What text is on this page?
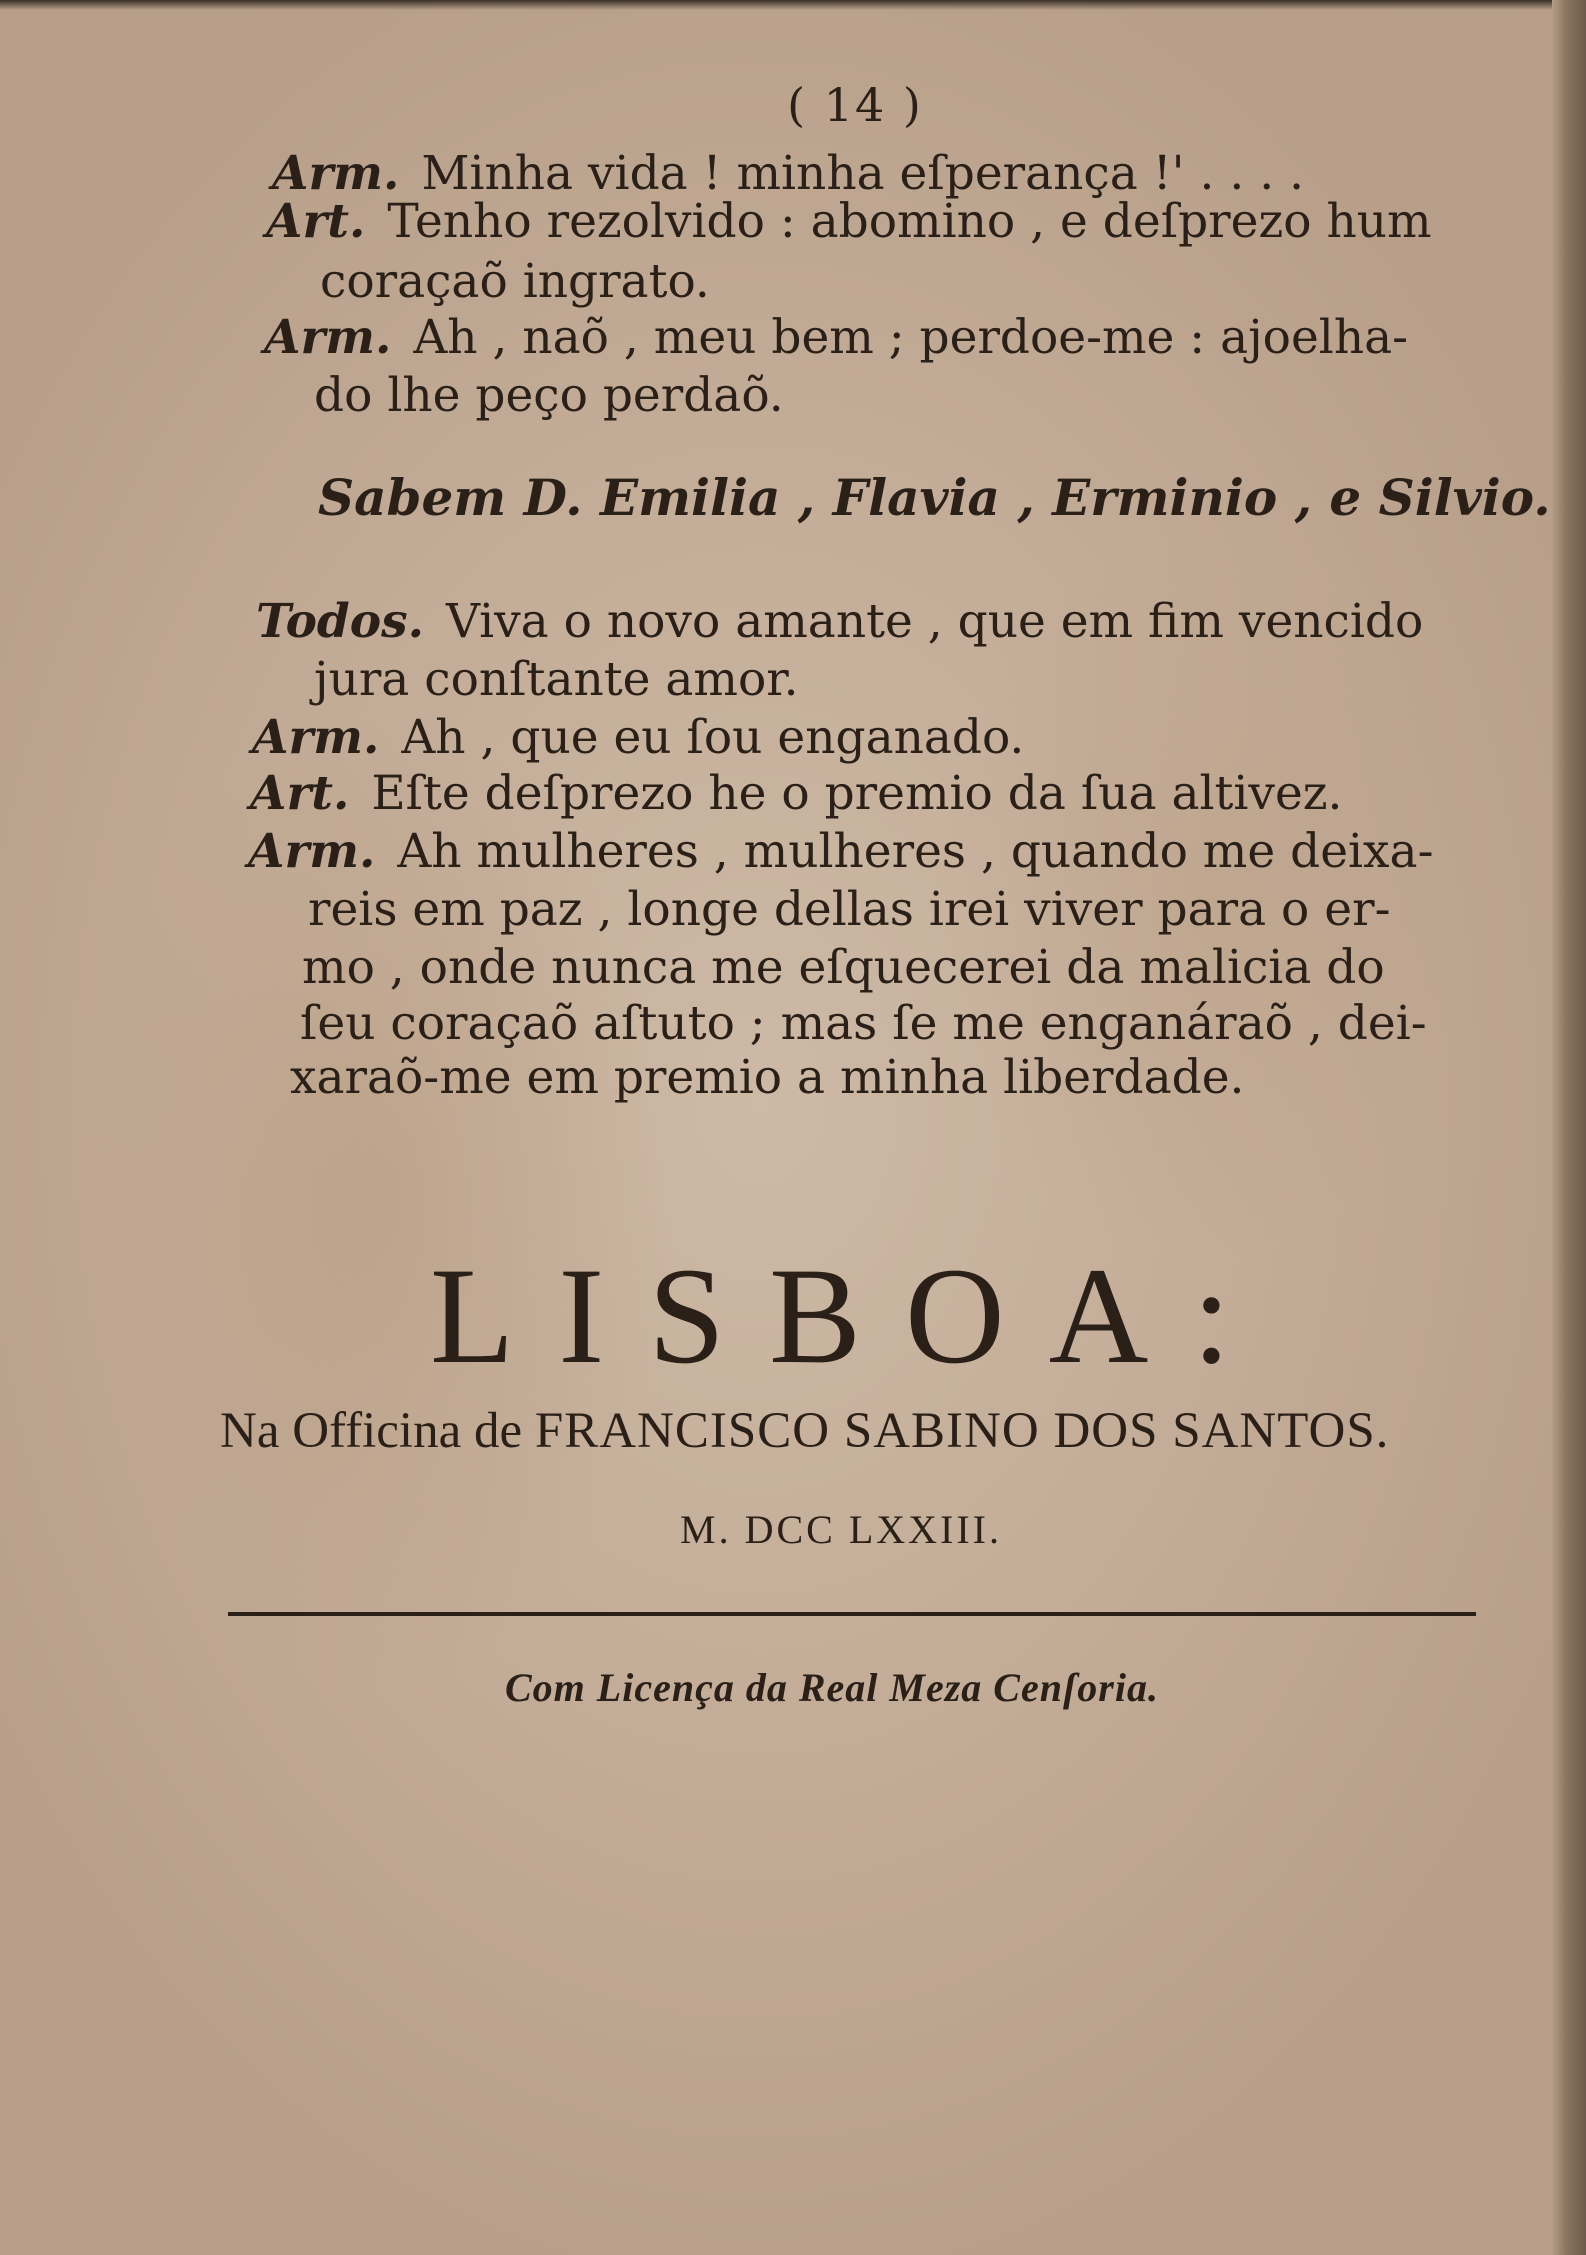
( 14 )
Arm. Minha vida ! minha eſperança !' . . . .
Art. Tenho rezolvido : abomino , e deſprezo hum
coraçaõ ingrato.
Arm. Ah , naõ , meu bem ; perdoe-me : ajoelha-
do lhe peço perdaõ.
Sabem D. Emilia , Flavia , Erminio , e Silvio.
Todos. Viva o novo amante , que em fim vencido
jura conſtante amor.
Arm. Ah , que eu ſou enganado.
Art. Eſte deſprezo he o premio da ſua altivez.
Arm. Ah mulheres , mulheres , quando me deixa-
reis em paz , longe dellas irei viver para o er-
mo , onde nunca me eſquecerei da malicia do
ſeu coraçaõ aſtuto ; mas ſe me enganáraõ , dei-
xaraõ-me em premio a minha liberdade.
LISBOA:
Na Officina de FRANCISCO SABINO DOS SANTOS.
M. DCC LXXIII.
Com Licença da Real Meza Cenſoria.
